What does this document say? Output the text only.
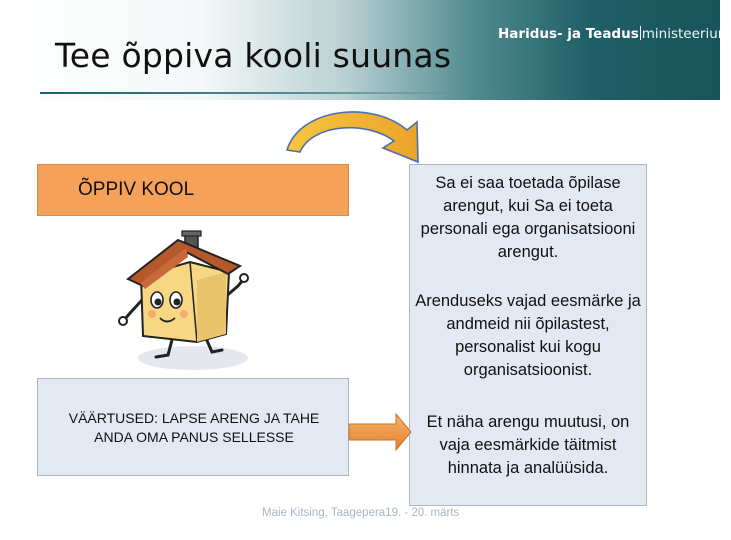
Tee õppiva kooli suunas
Haridus- ja Teadus ministeerium
ÕPPIV KOOL	Sa ei saa toetada õpilase arengut, kui Sa ei toeta personali ega organisatsiooni arengut.
Arenduseks vajad eesmärke ja andmeid nii õpilastest, personalist kui kogu organisatsioonist.
Et näha arengu muutusi, on vaja eesmärkide täitmist hinnata ja analüüsida.
VÄÄRTUSED: LAPSE ARENG JA TAHE ANDA OMA PANUS SELLESSE
Maie Kitsing, Taagepera19. - 20. märts
